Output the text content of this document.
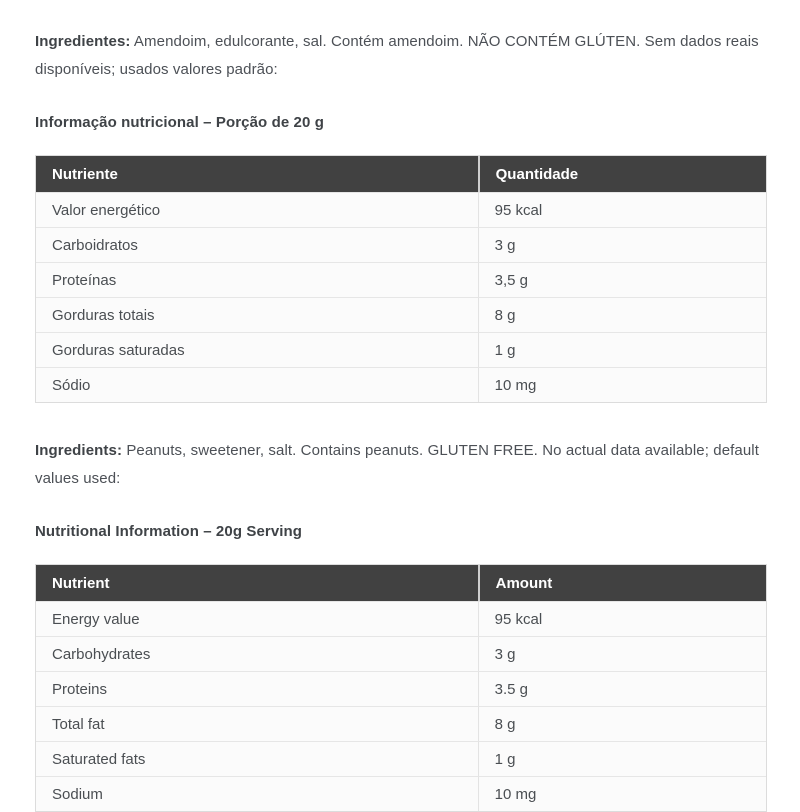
Ingredientes: Amendoim, edulcorante, sal. Contém amendoim. NÃO CONTÉM GLÚTEN. Sem dados reais disponíveis; usados valores padrão:

Informação nutricional – Porção de 20 g
Nutriente	Quantidade
Valor energético	95 kcal
Carboidratos	3 g
Proteínas	3,5 g
Gorduras totais	8 g
Gorduras saturadas	1 g
Sódio	10 mg

Ingredients: Peanuts, sweetener, salt. Contains peanuts. GLUTEN FREE. No actual data available; default values used:

Nutritional Information – 20g Serving
Nutrient	Amount
Energy value	95 kcal
Carbohydrates	3 g
Proteins	3.5 g
Total fat	8 g
Saturated fats	1 g
Sodium	10 mg
